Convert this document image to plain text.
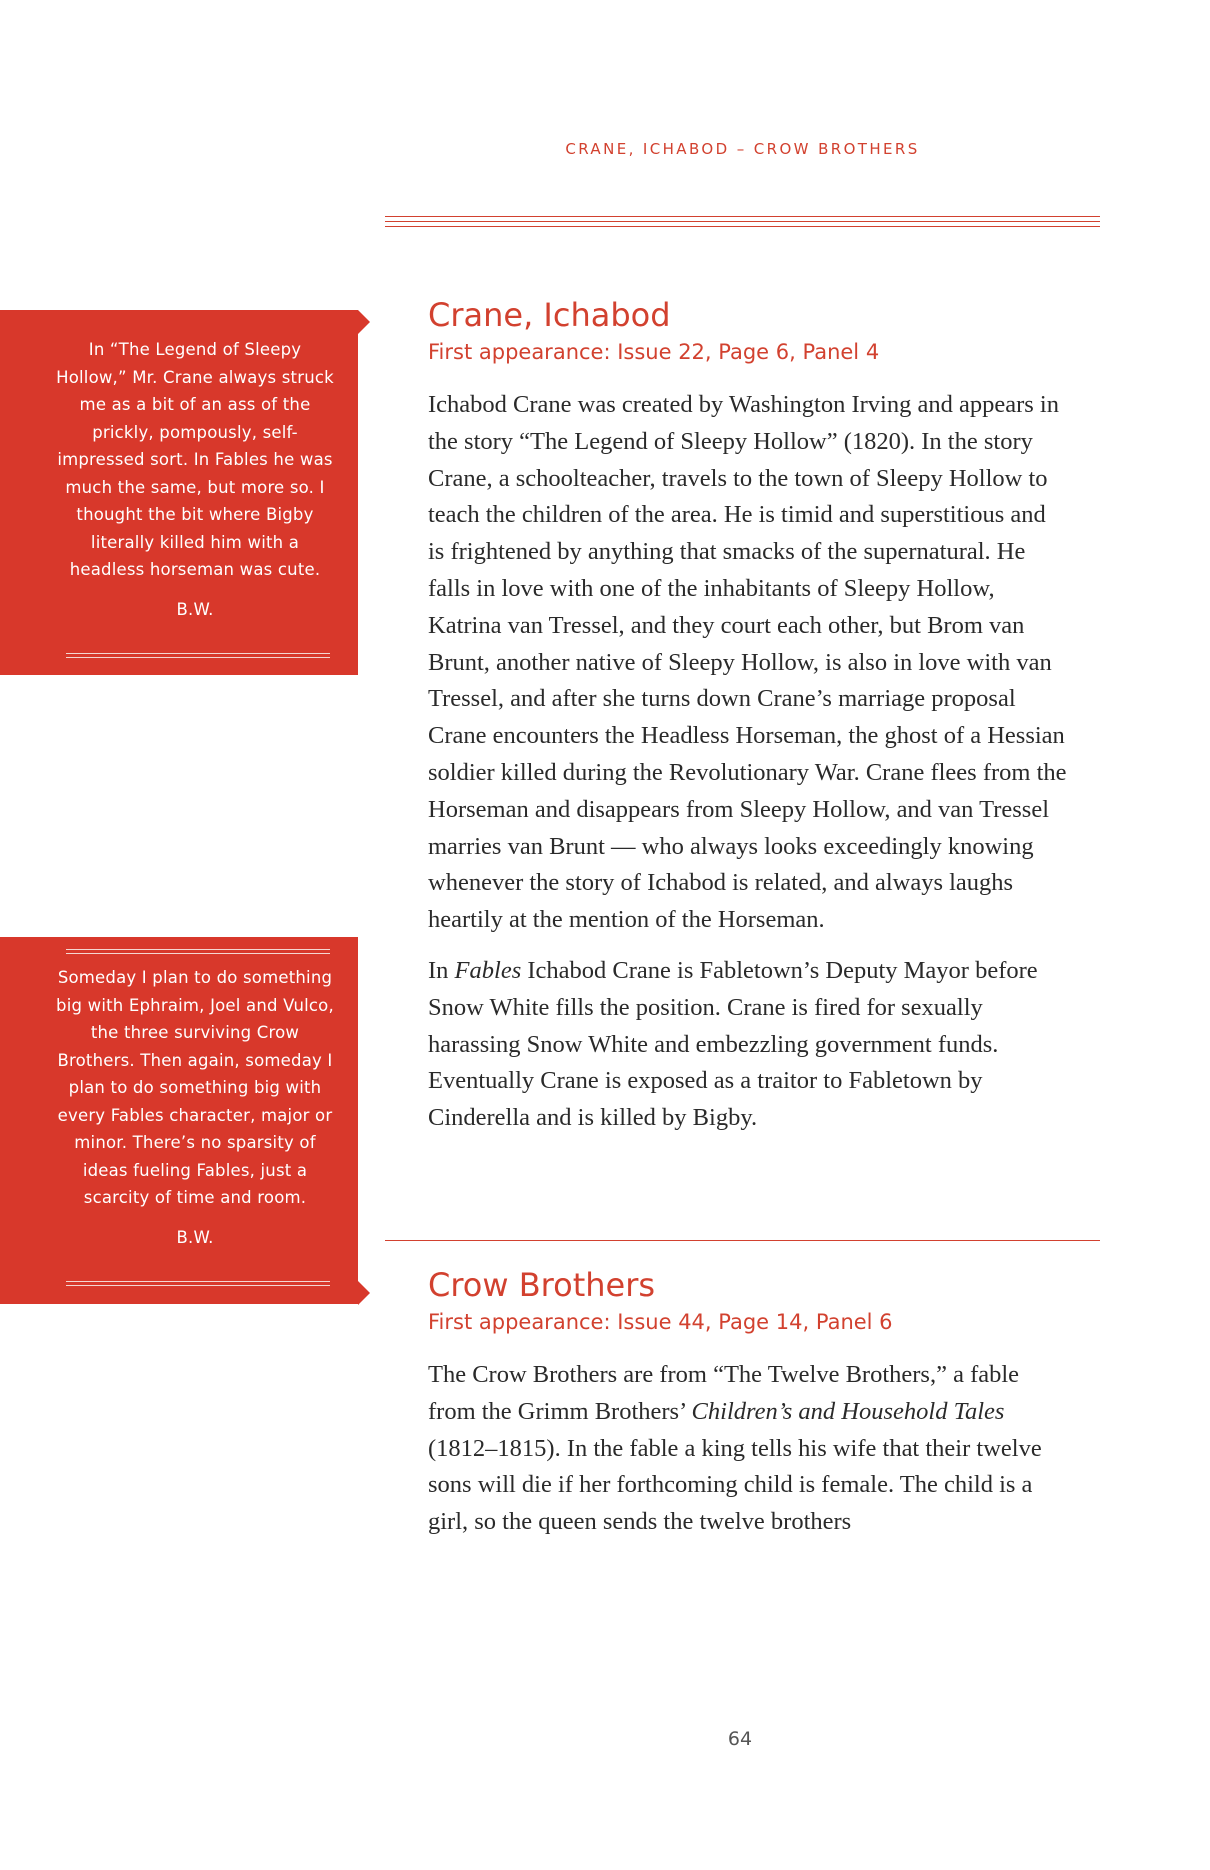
CRANE, ICHABOD – CROW BROTHERS
In “The Legend of Sleepy Hollow,” Mr. Crane always struck me as a bit of an ass of the prickly, pompously, self-impressed sort. In Fables he was much the same, but more so. I thought the bit where Bigby literally killed him with a headless horseman was cute.
B.W.
Someday I plan to do something big with Ephraim, Joel and Vulco, the three surviving Crow Brothers. Then again, someday I plan to do something big with every Fables character, major or minor. There’s no sparsity of ideas fueling Fables, just a scarcity of time and room.
B.W.
Crane, Ichabod
First appearance: Issue 22, Page 6, Panel 4

Ichabod Crane was created by Washington Irving and appears in the story “The Legend of Sleepy Hollow” (1820). In the story Crane, a schoolteacher, travels to the town of Sleepy Hollow to teach the children of the area. He is timid and superstitious and is frightened by anything that smacks of the supernatural. He falls in love with one of the inhabitants of Sleepy Hollow, Katrina van Tressel, and they court each other, but Brom van Brunt, another native of Sleepy Hollow, is also in love with van Tressel, and after she turns down Crane’s marriage proposal Crane encounters the Headless Horseman, the ghost of a Hessian soldier killed during the Revolutionary War. Crane flees from the Horseman and disappears from Sleepy Hollow, and van Tressel marries van Brunt — who always looks exceedingly knowing whenever the story of Ichabod is related, and always laughs heartily at the mention of the Horseman.

In Fables Ichabod Crane is Fabletown’s Deputy Mayor before Snow White fills the position. Crane is fired for sexually harassing Snow White and embezzling government funds. Eventually Crane is exposed as a traitor to Fabletown by Cinderella and is killed by Bigby.

Crow Brothers
First appearance: Issue 44, Page 14, Panel 6

The Crow Brothers are from “The Twelve Brothers,” a fable from the Grimm Brothers’ Children’s and Household Tales (1812–1815). In the fable a king tells his wife that their twelve sons will die if her forthcoming child is female. The child is a girl, so the queen sends the twelve brothers

64
